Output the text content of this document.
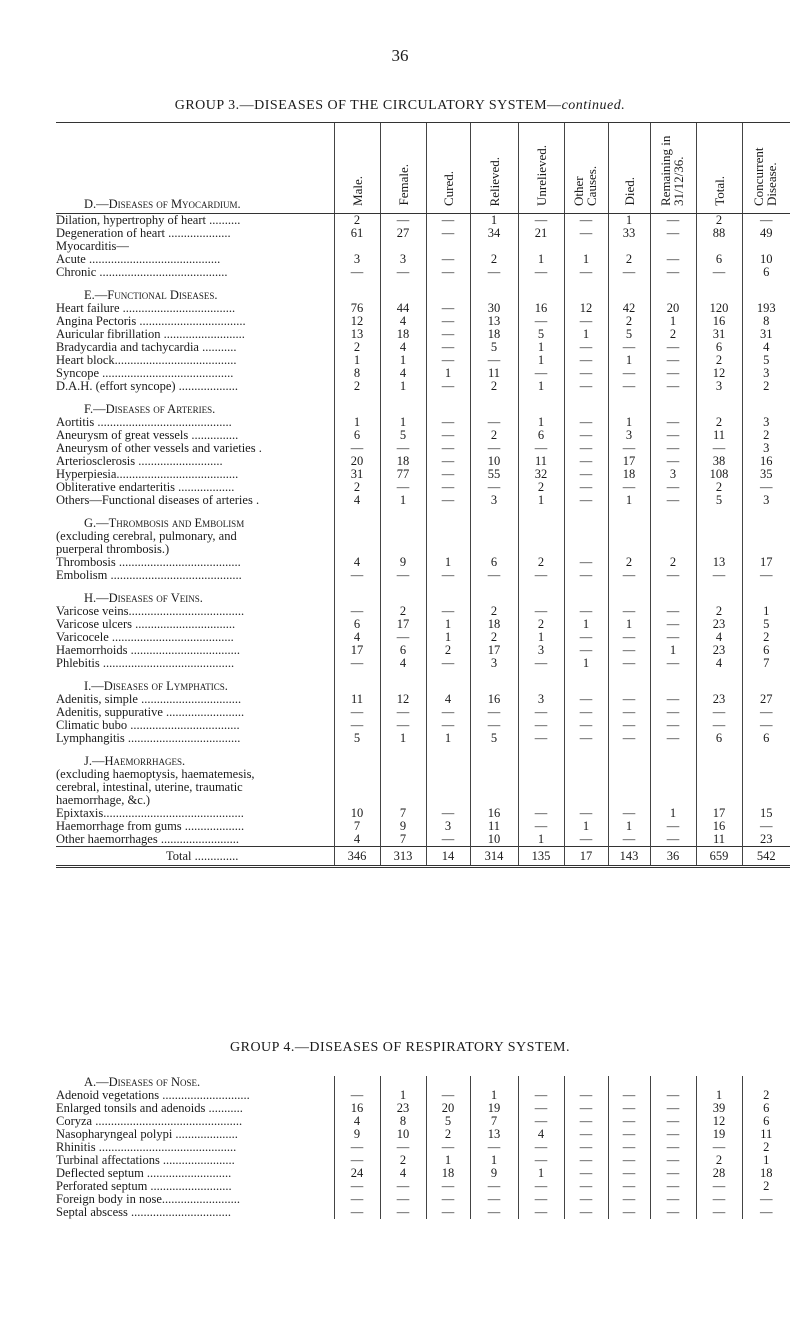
36
GROUP 3.—DISEASES OF THE CIRCULATORY SYSTEM—continued.
D.—Diseases of Myocardium.	Male.	Female.	Cured.	Relieved.	Unrelieved.	Other Causes.	Died.	Remaining in 31/12/36.	Total.	Concurrent Disease.
Dilation, hypertrophy of heart ..........	2	—	—	1	—	—	1	—	2	—
Degeneration of heart ....................	61	27	—	34	21	—	33	—	88	49
Myocarditis—										
Acute ..........................................	3	3	—	2	1	1	2	—	6	10
Chronic .........................................	—	—	—	—	—	—	—	—	—	6

E.—Functional Diseases.										
Heart failure ....................................	76	44	—	30	16	12	42	20	120	193
Angina Pectoris ..................................	12	4	—	13	—	—	2	1	16	8
Auricular fibrillation ..........................	13	18	—	18	5	1	5	2	31	31
Bradycardia and tachycardia ...........	2	4	—	5	1	—	—	—	6	4
Heart block.......................................	1	1	—	—	1	—	1	—	2	5
Syncope ..........................................	8	4	1	11	—	—	—	—	12	3
D.A.H. (effort syncope) ...................	2	1	—	2	1	—	—	—	3	2

F.—Diseases of Arteries.										
Aortitis ...........................................	1	1	—	—	1	—	1	—	2	3
Aneurysm of great vessels ...............	6	5	—	2	6	—	3	—	11	2
Aneurysm of other vessels and varieties .	—	—	—	—	—	—	—	—	—	3
Arteriosclerosis ...........................	20	18	—	10	11	—	17	—	38	16
Hyperpiesia.......................................	31	77	—	55	32	—	18	3	108	35
Obliterative endarteritis ..................	2	—	—	—	2	—	—	—	2	—
Others—Functional diseases of arteries .	4	1	—	3	1	—	1	—	5	3

G.—Thrombosis and Embolism										
(excluding cerebral, pulmonary, and										
puerperal thrombosis.)										
Thrombosis .......................................	4	9	1	6	2	—	2	2	13	17
Embolism ..........................................	—	—	—	—	—	—	—	—	—	—

H.—Diseases of Veins.										
Varicose veins.....................................	—	2	—	2	—	—	—	—	2	1
Varicose ulcers ................................	6	17	1	18	2	1	1	—	23	5
Varicocele .......................................	4	—	1	2	1	—	—	—	4	2
Haemorrhoids ...................................	17	6	2	17	3	—	—	1	23	6
Phlebitis ..........................................	—	4	—	3	—	1	—	—	4	7

I.—Diseases of Lymphatics.										
Adenitis, simple ................................	11	12	4	16	3	—	—	—	23	27
Adenitis, suppurative .........................	—	—	—	—	—	—	—	—	—	—
Climatic bubo ...................................	—	—	—	—	—	—	—	—	—	—
Lymphangitis ....................................	5	1	1	5	—	—	—	—	6	6

J.—Haemorrhages.										
(excluding haemoptysis, haematemesis,										
cerebral, intestinal, uterine, traumatic										
haemorrhage, &c.)										
Epixtaxis.............................................	10	7	—	16	—	—	—	1	17	15
Haemorrhage from gums ...................	7	9	3	11	—	1	1	—	16	—
Other haemorrhages .........................	4	7	—	10	1	—	—	—	11	23
Total ..............	346	313	14	314	135	17	143	36	659	542
GROUP 4.—DISEASES OF RESPIRATORY SYSTEM.
A.—Diseases of Nose.										
Adenoid vegetations ............................	—	1	—	1	—	—	—	—	1	2
Enlarged tonsils and adenoids ...........	16	23	20	19	—	—	—	—	39	6
Coryza ...............................................	4	8	5	7	—	—	—	—	12	6
Nasopharyngeal polypi ....................	9	10	2	13	4	—	—	—	19	11
Rhinitis ............................................	—	—	—	—	—	—	—	—	—	2
Turbinal affectations .......................	—	2	1	1	—	—	—	—	2	1
Deflected septum ...........................	24	4	18	9	1	—	—	—	28	18
Perforated septum ..........................	—	—	—	—	—	—	—	—	—	2
Foreign body in nose.........................	—	—	—	—	—	—	—	—	—	—
Septal abscess ................................	—	—	—	—	—	—	—	—	—	—
